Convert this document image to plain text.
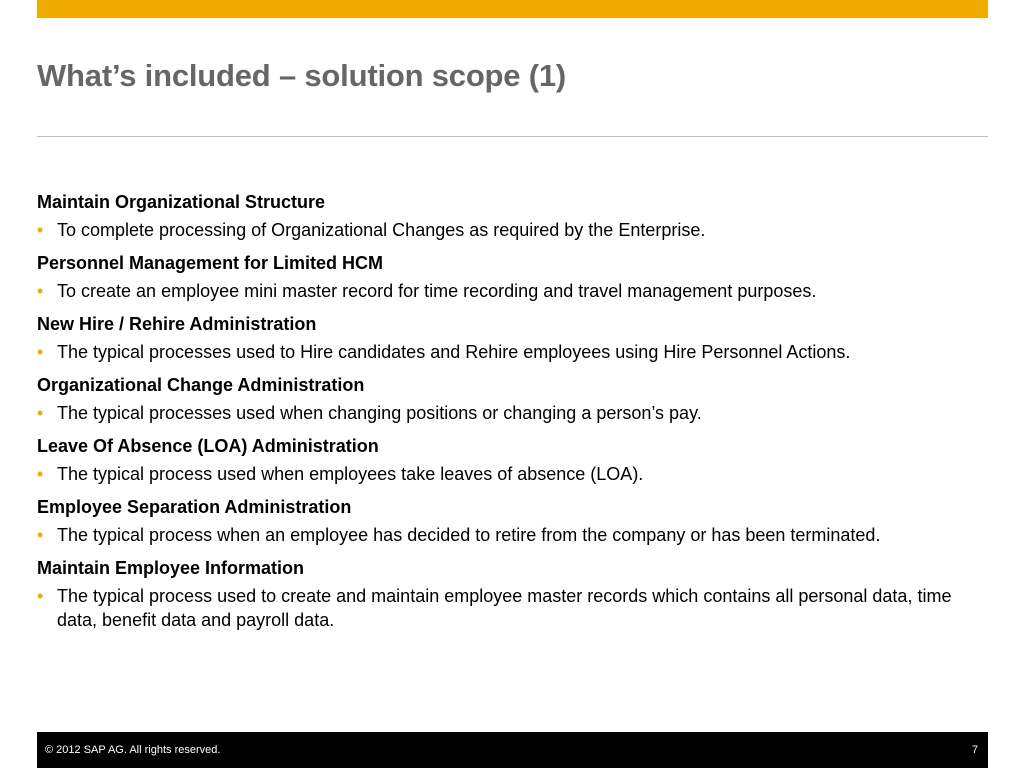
What’s included – solution scope (1)
Maintain Organizational Structure
• To complete processing of Organizational Changes as required by the Enterprise.
Personnel Management for Limited HCM
• To create an employee mini master record for time recording and travel management purposes.
New Hire / Rehire Administration
• The typical processes used to Hire candidates and Rehire employees using Hire Personnel Actions.
Organizational Change Administration
• The typical processes used when changing positions or changing a person’s pay.
Leave Of Absence (LOA) Administration
• The typical process used when employees take leaves of absence (LOA).
Employee Separation Administration
• The typical process when an employee has decided to retire from the company or has been terminated.
Maintain Employee Information
• The typical process used to create and maintain employee master records which contains all personal data, time data, benefit data and payroll data.
© 2012 SAP AG. All rights reserved.	7
